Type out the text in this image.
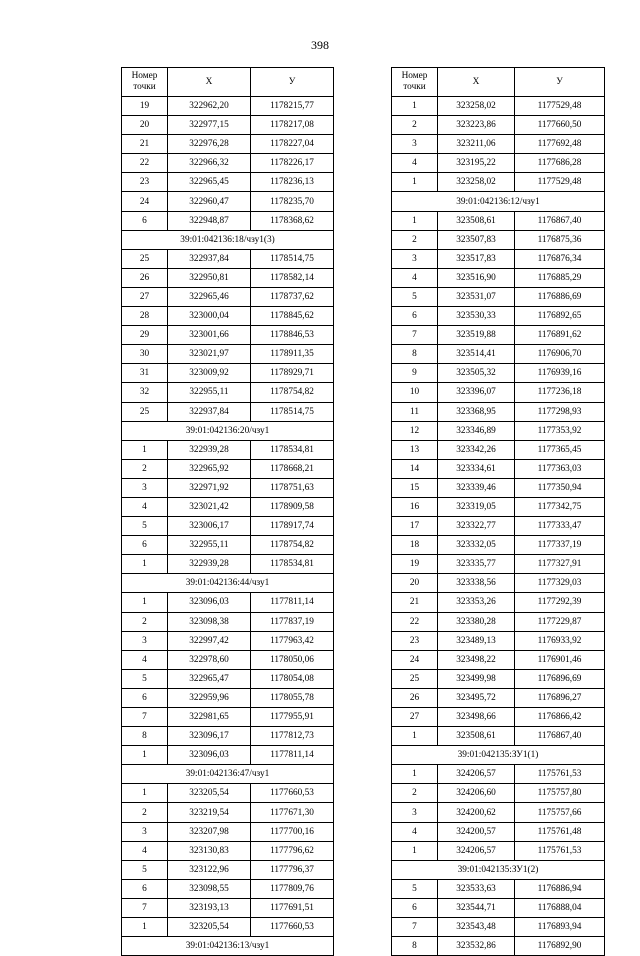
398
Номер точки	X	У
19	322962,20	1178215,77
20	322977,15	1178217,08
21	322976,28	1178227,04
22	322966,32	1178226,17
23	322965,45	1178236,13
24	322960,47	1178235,70
6	322948,87	1178368,62
39:01:042136:18/чзу1(3)		
25	322937,84	1178514,75
26	322950,81	1178582,14
27	322965,46	1178737,62
28	323000,04	1178845,62
29	323001,66	1178846,53
30	323021,97	1178911,35
31	323009,92	1178929,71
32	322955,11	1178754,82
25	322937,84	1178514,75
39:01:042136:20/чзу1		
1	322939,28	1178534,81
2	322965,92	1178668,21
3	322971,92	1178751,63
4	323021,42	1178909,58
5	323006,17	1178917,74
6	322955,11	1178754,82
1	322939,28	1178534,81
39:01:042136:44/чзу1		
1	323096,03	1177811,14
2	323098,38	1177837,19
3	322997,42	1177963,42
4	322978,60	1178050,06
5	322965,47	1178054,08
6	322959,96	1178055,78
7	322981,65	1177955,91
8	323096,17	1177812,73
1	323096,03	1177811,14
39:01:042136:47/чзу1		
1	323205,54	1177660,53
2	323219,54	1177671,30
3	323207,98	1177700,16
4	323130,83	1177796,62
5	323122,96	1177796,37
6	323098,55	1177809,76
7	323193,13	1177691,51
1	323205,54	1177660,53
39:01:042136:13/чзу1		
Номер точки	X	У
1	323258,02	1177529,48
2	323223,86	1177660,50
3	323211,06	1177692,48
4	323195,22	1177686,28
1	323258,02	1177529,48
39:01:042136:12/чзу1		
1	323508,61	1176867,40
2	323507,83	1176875,36
3	323517,83	1176876,34
4	323516,90	1176885,29
5	323531,07	1176886,69
6	323530,33	1176892,65
7	323519,88	1176891,62
8	323514,41	1176906,70
9	323505,32	1176939,16
10	323396,07	1177236,18
11	323368,95	1177298,93
12	323346,89	1177353,92
13	323342,26	1177365,45
14	323334,61	1177363,03
15	323339,46	1177350,94
16	323319,05	1177342,75
17	323322,77	1177333,47
18	323332,05	1177337,19
19	323335,77	1177327,91
20	323338,56	1177329,03
21	323353,26	1177292,39
22	323380,28	1177229,87
23	323489,13	1176933,92
24	323498,22	1176901,46
25	323499,98	1176896,69
26	323495,72	1176896,27
27	323498,66	1176866,42
1	323508,61	1176867,40
39:01:042135:ЗУ1(1)		
1	324206,57	1175761,53
2	324206,60	1175757,80
3	324200,62	1175757,66
4	324200,57	1175761,48
1	324206,57	1175761,53
39:01:042135:ЗУ1(2)		
5	323533,63	1176886,94
6	323544,71	1176888,04
7	323543,48	1176893,94
8	323532,86	1176892,90
